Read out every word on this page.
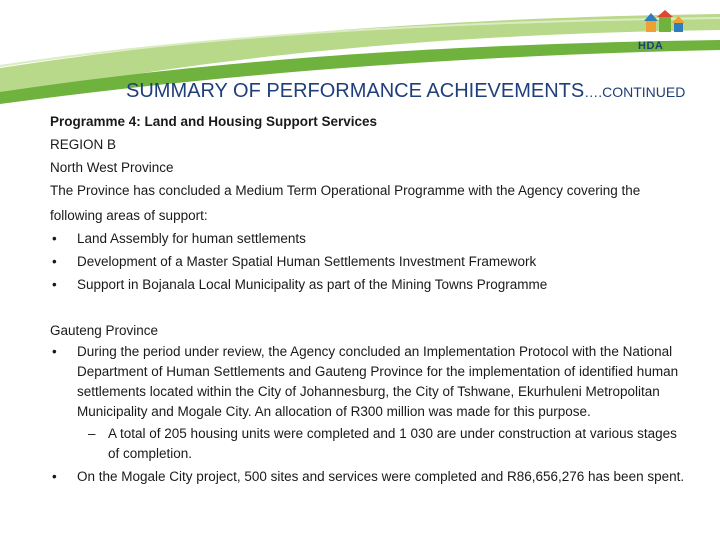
HDA
SUMMARY OF PERFORMANCE ACHIEVEMENTS….CONTINUED

Programme 4: Land and Housing Support Services

REGION B

North West Province

The Province has concluded a Medium Term Operational Programme with the Agency covering the

following areas of support:

• Land Assembly for human settlements
• Development of a Master Spatial Human Settlements Investment Framework
• Support in Bojanala Local Municipality as part of the Mining Towns Programme

Gauteng Province

• During the period under review, the Agency concluded an Implementation Protocol with the National Department of Human Settlements and Gauteng Province for the implementation of identified human settlements located within the City of Johannesburg, the City of Tshwane, Ekurhuleni Metropolitan Municipality and Mogale City. An allocation of R300 million was made for this purpose.
– A total of 205 housing units were completed and 1 030 are under construction at various stages of completion.
• On the Mogale City project, 500 sites and services were completed and R86,656,276 has been spent.
